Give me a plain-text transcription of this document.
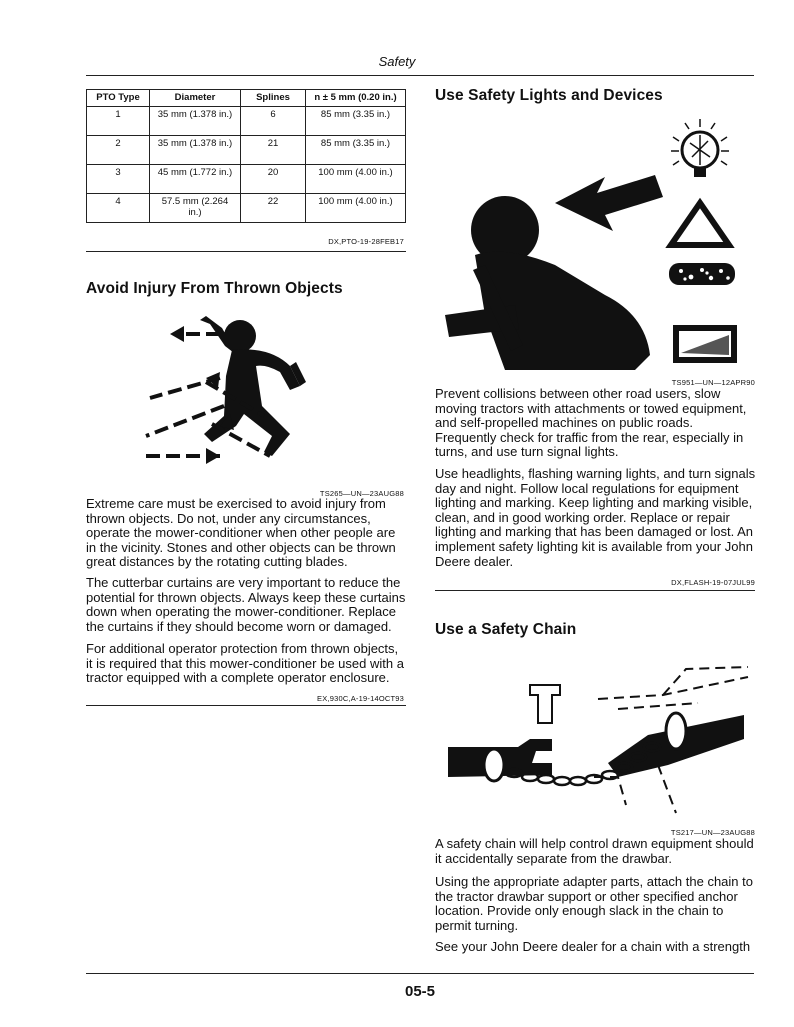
Safety
PTO Type	Diameter	Splines	n ± 5 mm (0.20 in.)
1	35 mm (1.378 in.)	6	85 mm (3.35 in.)
2	35 mm (1.378 in.)	21	85 mm (3.35 in.)
3	45 mm (1.772 in.)	20	100 mm (4.00 in.)
4	57.5 mm (2.264 in.)	22	100 mm (4.00 in.)
DX,PTO-19-28FEB17
Avoid Injury From Thrown Objects
TS265—UN—23AUG88

Extreme care must be exercised to avoid injury from thrown objects. Do not, under any circumstances, operate the mower-conditioner when other people are in the vicinity. Stones and other objects can be thrown great distances by the rotating cutting blades.

The cutterbar curtains are very important to reduce the potential for thrown objects. Always keep these curtains down when operating the mower-conditioner. Replace the curtains if they should become worn or damaged.

For additional operator protection from thrown objects, it is required that this mower-conditioner be used with a tractor equipped with a complete operator enclosure.

EX,930C,A-19-14OCT93
Use Safety Lights and Devices
TS951—UN—12APR90

Prevent collisions between other road users, slow moving tractors with attachments or towed equipment, and self-propelled machines on public roads. Frequently check for traffic from the rear, especially in turns, and use turn signal lights.

Use headlights, flashing warning lights, and turn signals day and night. Follow local regulations for equipment lighting and marking. Keep lighting and marking visible, clean, and in good working order. Replace or repair lighting and marking that has been damaged or lost. An implement safety lighting kit is available from your John Deere dealer.

DX,FLASH-19-07JUL99
Use a Safety Chain
TS217—UN—23AUG88

A safety chain will help control drawn equipment should it accidentally separate from the drawbar.

Using the appropriate adapter parts, attach the chain to the tractor drawbar support or other specified anchor location. Provide only enough slack in the chain to permit turning.

See your John Deere dealer for a chain with a strength

05-5
